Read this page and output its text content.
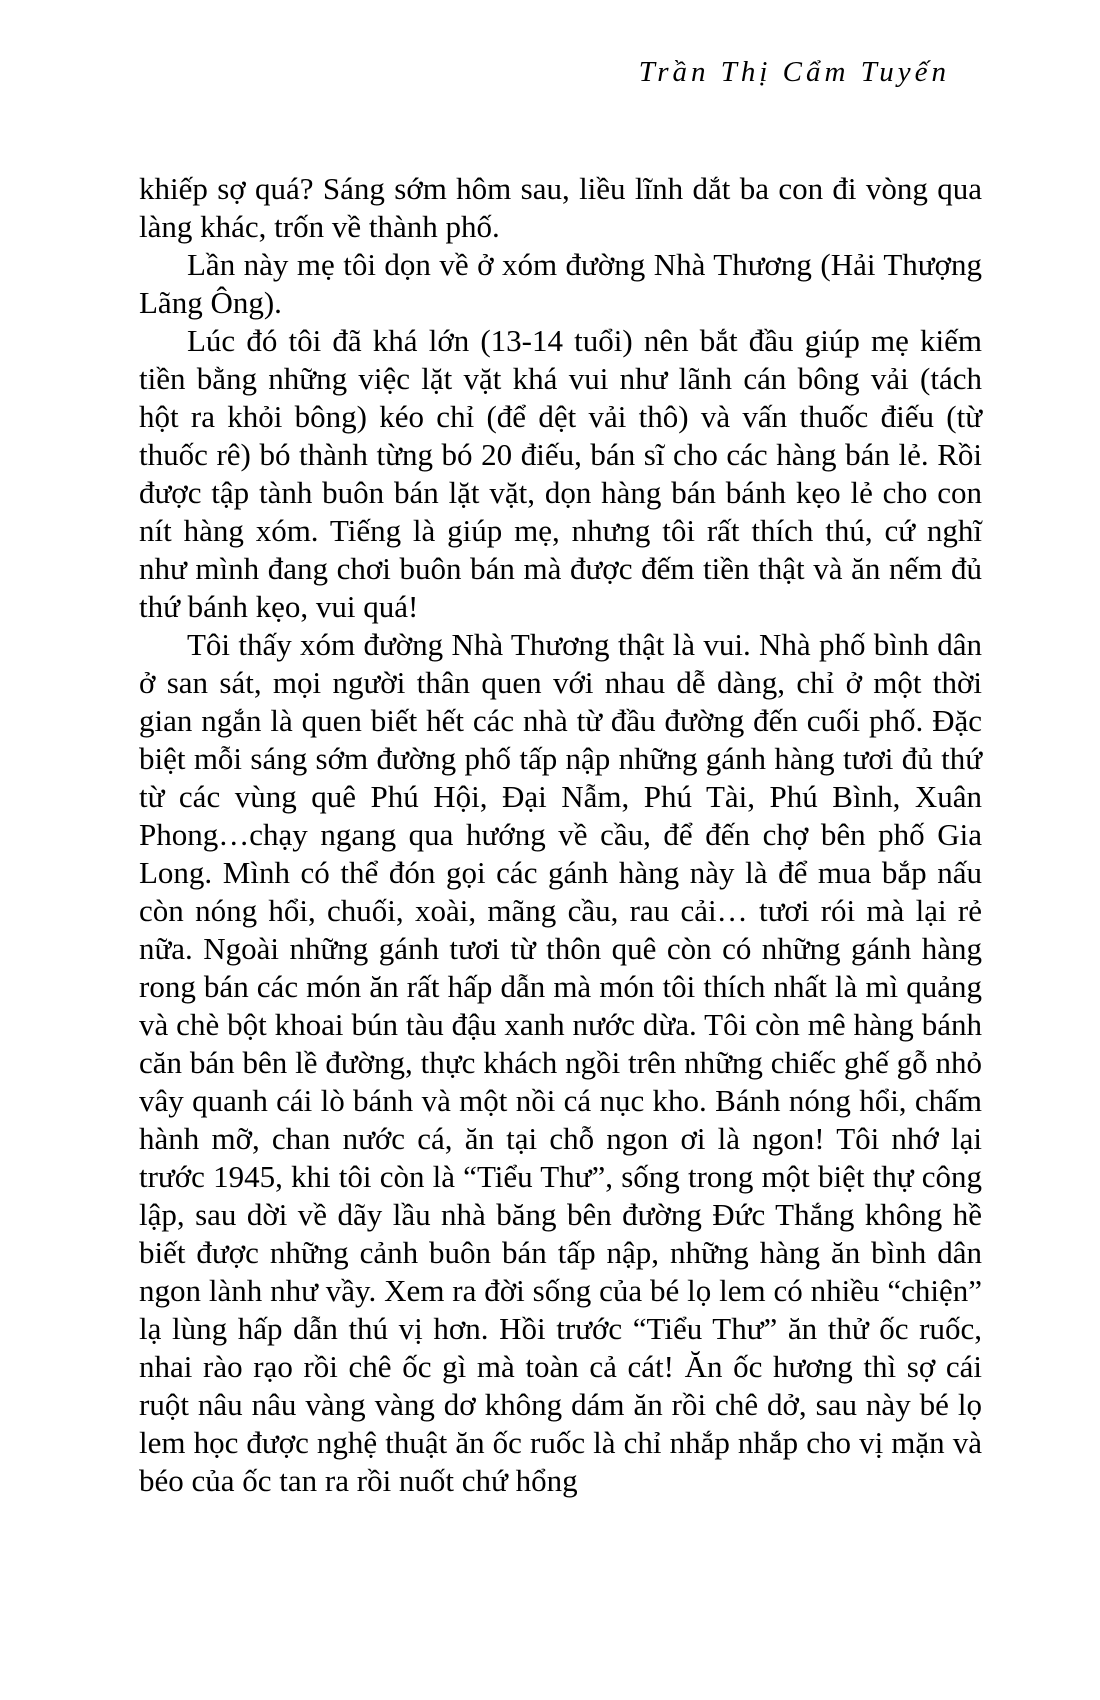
Trần Thị Cẩm Tuyến

khiếp sợ quá? Sáng sớm hôm sau, liều lĩnh dắt ba con đi vòng qua làng khác, trốn về thành phố.

Lần này mẹ tôi dọn về ở xóm đường Nhà Thương (Hải Thượng Lãng Ông).

Lúc đó tôi đã khá lớn (13-14 tuổi) nên bắt đầu giúp mẹ kiếm tiền bằng những việc lặt vặt khá vui như lãnh cán bông vải (tách hột ra khỏi bông) kéo chỉ (để dệt vải thô) và vấn thuốc điếu (từ thuốc rê) bó thành từng bó 20 điếu, bán sĩ cho các hàng bán lẻ. Rồi được tập tành buôn bán lặt vặt, dọn hàng bán bánh kẹo lẻ cho con nít hàng xóm. Tiếng là giúp mẹ, nhưng tôi rất thích thú, cứ nghĩ như mình đang chơi buôn bán mà được đếm tiền thật và ăn nếm đủ thứ bánh kẹo, vui quá!

Tôi thấy xóm đường Nhà Thương thật là vui. Nhà phố bình dân ở san sát, mọi người thân quen với nhau dễ dàng, chỉ ở một thời gian ngắn là quen biết hết các nhà từ đầu đường đến cuối phố. Đặc biệt mỗi sáng sớm đường phố tấp nập những gánh hàng tươi đủ thứ từ các vùng quê Phú Hội, Đại Nẫm, Phú Tài, Phú Bình, Xuân Phong…chạy ngang qua hướng về cầu, để đến chợ bên phố Gia Long. Mình có thể đón gọi các gánh hàng này là để mua bắp nấu còn nóng hổi, chuối, xoài, mãng cầu, rau cải… tươi rói mà lại rẻ nữa. Ngoài những gánh tươi từ thôn quê còn có những gánh hàng rong bán các món ăn rất hấp dẫn mà món tôi thích nhất là mì quảng và chè bột khoai bún tàu đậu xanh nước dừa. Tôi còn mê hàng bánh căn bán bên lề đường, thực khách ngồi trên những chiếc ghế gỗ nhỏ vây quanh cái lò bánh và một nồi cá nục kho. Bánh nóng hổi, chấm hành mỡ, chan nước cá, ăn tại chỗ ngon ơi là ngon! Tôi nhớ lại trước 1945, khi tôi còn là “Tiểu Thư”, sống trong một biệt thự công lập, sau dời về dãy lầu nhà băng bên đường Đức Thắng không hề biết được những cảnh buôn bán tấp nập, những hàng ăn bình dân ngon lành như vầy. Xem ra đời sống của bé lọ lem có nhiều “chiện” lạ lùng hấp dẫn thú vị hơn. Hồi trước “Tiểu Thư” ăn thử ốc ruốc, nhai rào rạo rồi chê ốc gì mà toàn cả cát! Ăn ốc hương thì sợ cái ruột nâu nâu vàng vàng dơ không dám ăn rồi chê dở, sau này bé lọ lem học được nghệ thuật ăn ốc ruốc là chỉ nhắp nhắp cho vị mặn và béo của ốc tan ra rồi nuốt chứ hổng
